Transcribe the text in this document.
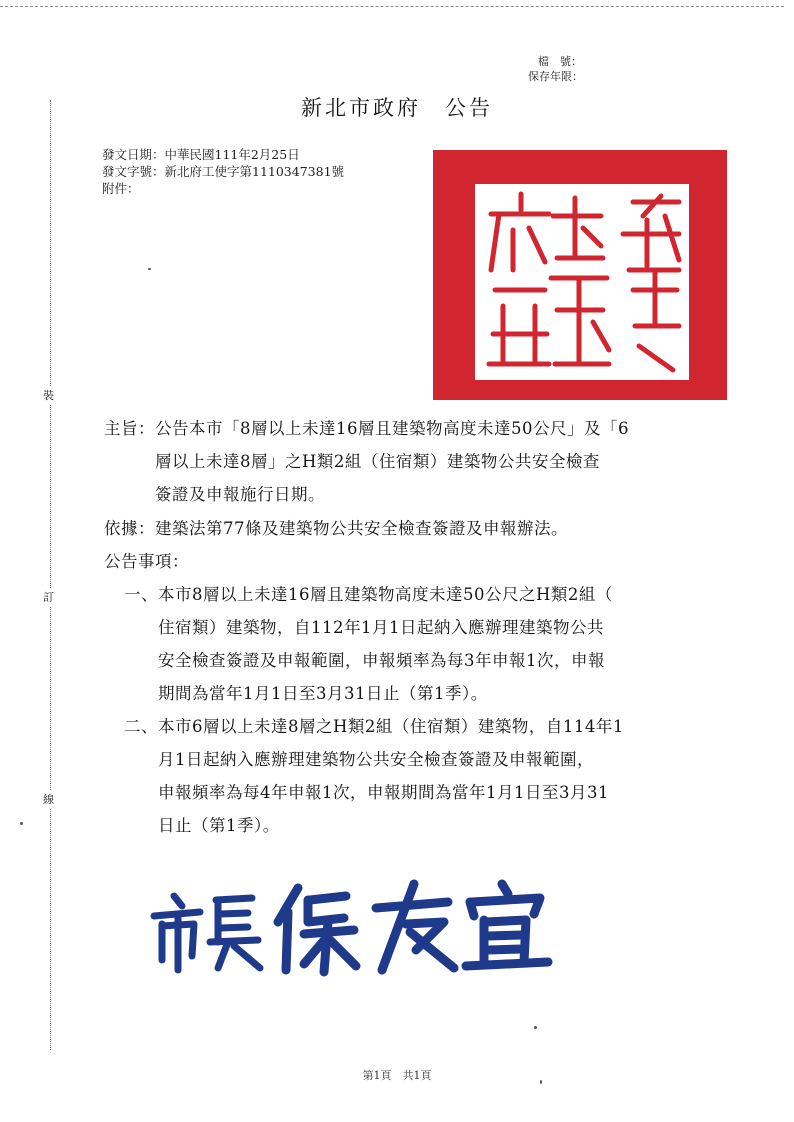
檔　號：
保存年限：
新北市政府　公告
發文日期：中華民國111年2月25日
發文字號：新北府工使字第1110347381號
附件：
裝
訂
線
主旨：公告本市「8層以上未達16層且建築物高度未達50公尺」及「6
　　　層以上未達8層」之H類2組（住宿類）建築物公共安全檢查
　　　簽證及申報施行日期。
依據：建築法第77條及建築物公共安全檢查簽證及申報辦法。
公告事項：
一、本市8層以上未達16層且建築物高度未達50公尺之H類2組（
　　住宿類）建築物，自112年1月1日起納入應辦理建築物公共
　　安全檢查簽證及申報範圍，申報頻率為每3年申報1次，申報
　　期間為當年1月1日至3月31日止（第1季）。
二、本市6層以上未達8層之H類2組（住宿類）建築物，自114年1
　　月1日起納入應辦理建築物公共安全檢查簽證及申報範圍，
　　申報頻率為每4年申報1次，申報期間為當年1月1日至3月31
　　日止（第1季）。
第1頁　共1頁
